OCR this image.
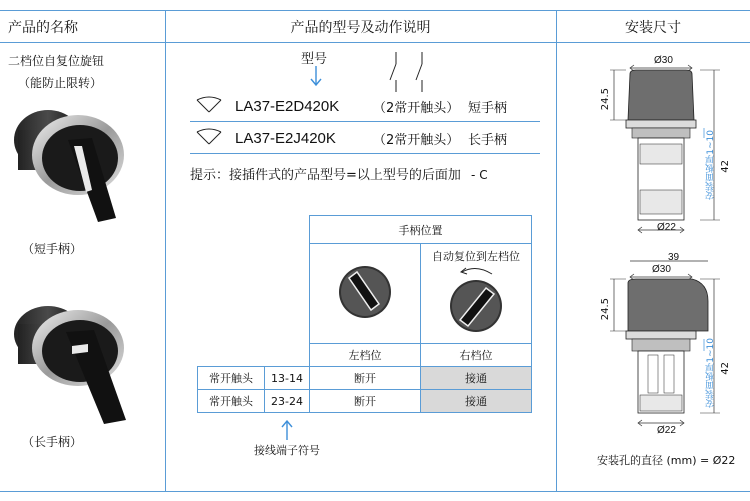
产品的名称	产品的型号及动作说明	安装尺寸
二档位自复位旋钮
（能防止限转）
（短手柄）
（长手柄）
型号
LA37-E2D420K	（2常开触头） 短手柄
LA37-E2J420K	（2常开触头） 长手柄
提示：接插件式的产品型号=以上型号的后面加 - C
		手柄位置	

自动复位到左档位

		左档位	右档位
常开触头	13-14	断开	接通
常开触头	23-24	断开	接通
接线端子符号
Ø30
24.5
安装面板厚1~10 42
Ø22
39
Ø30
24.5
安装面板厚1~10 42
Ø22
安装孔的直径 (mm) = Ø22
